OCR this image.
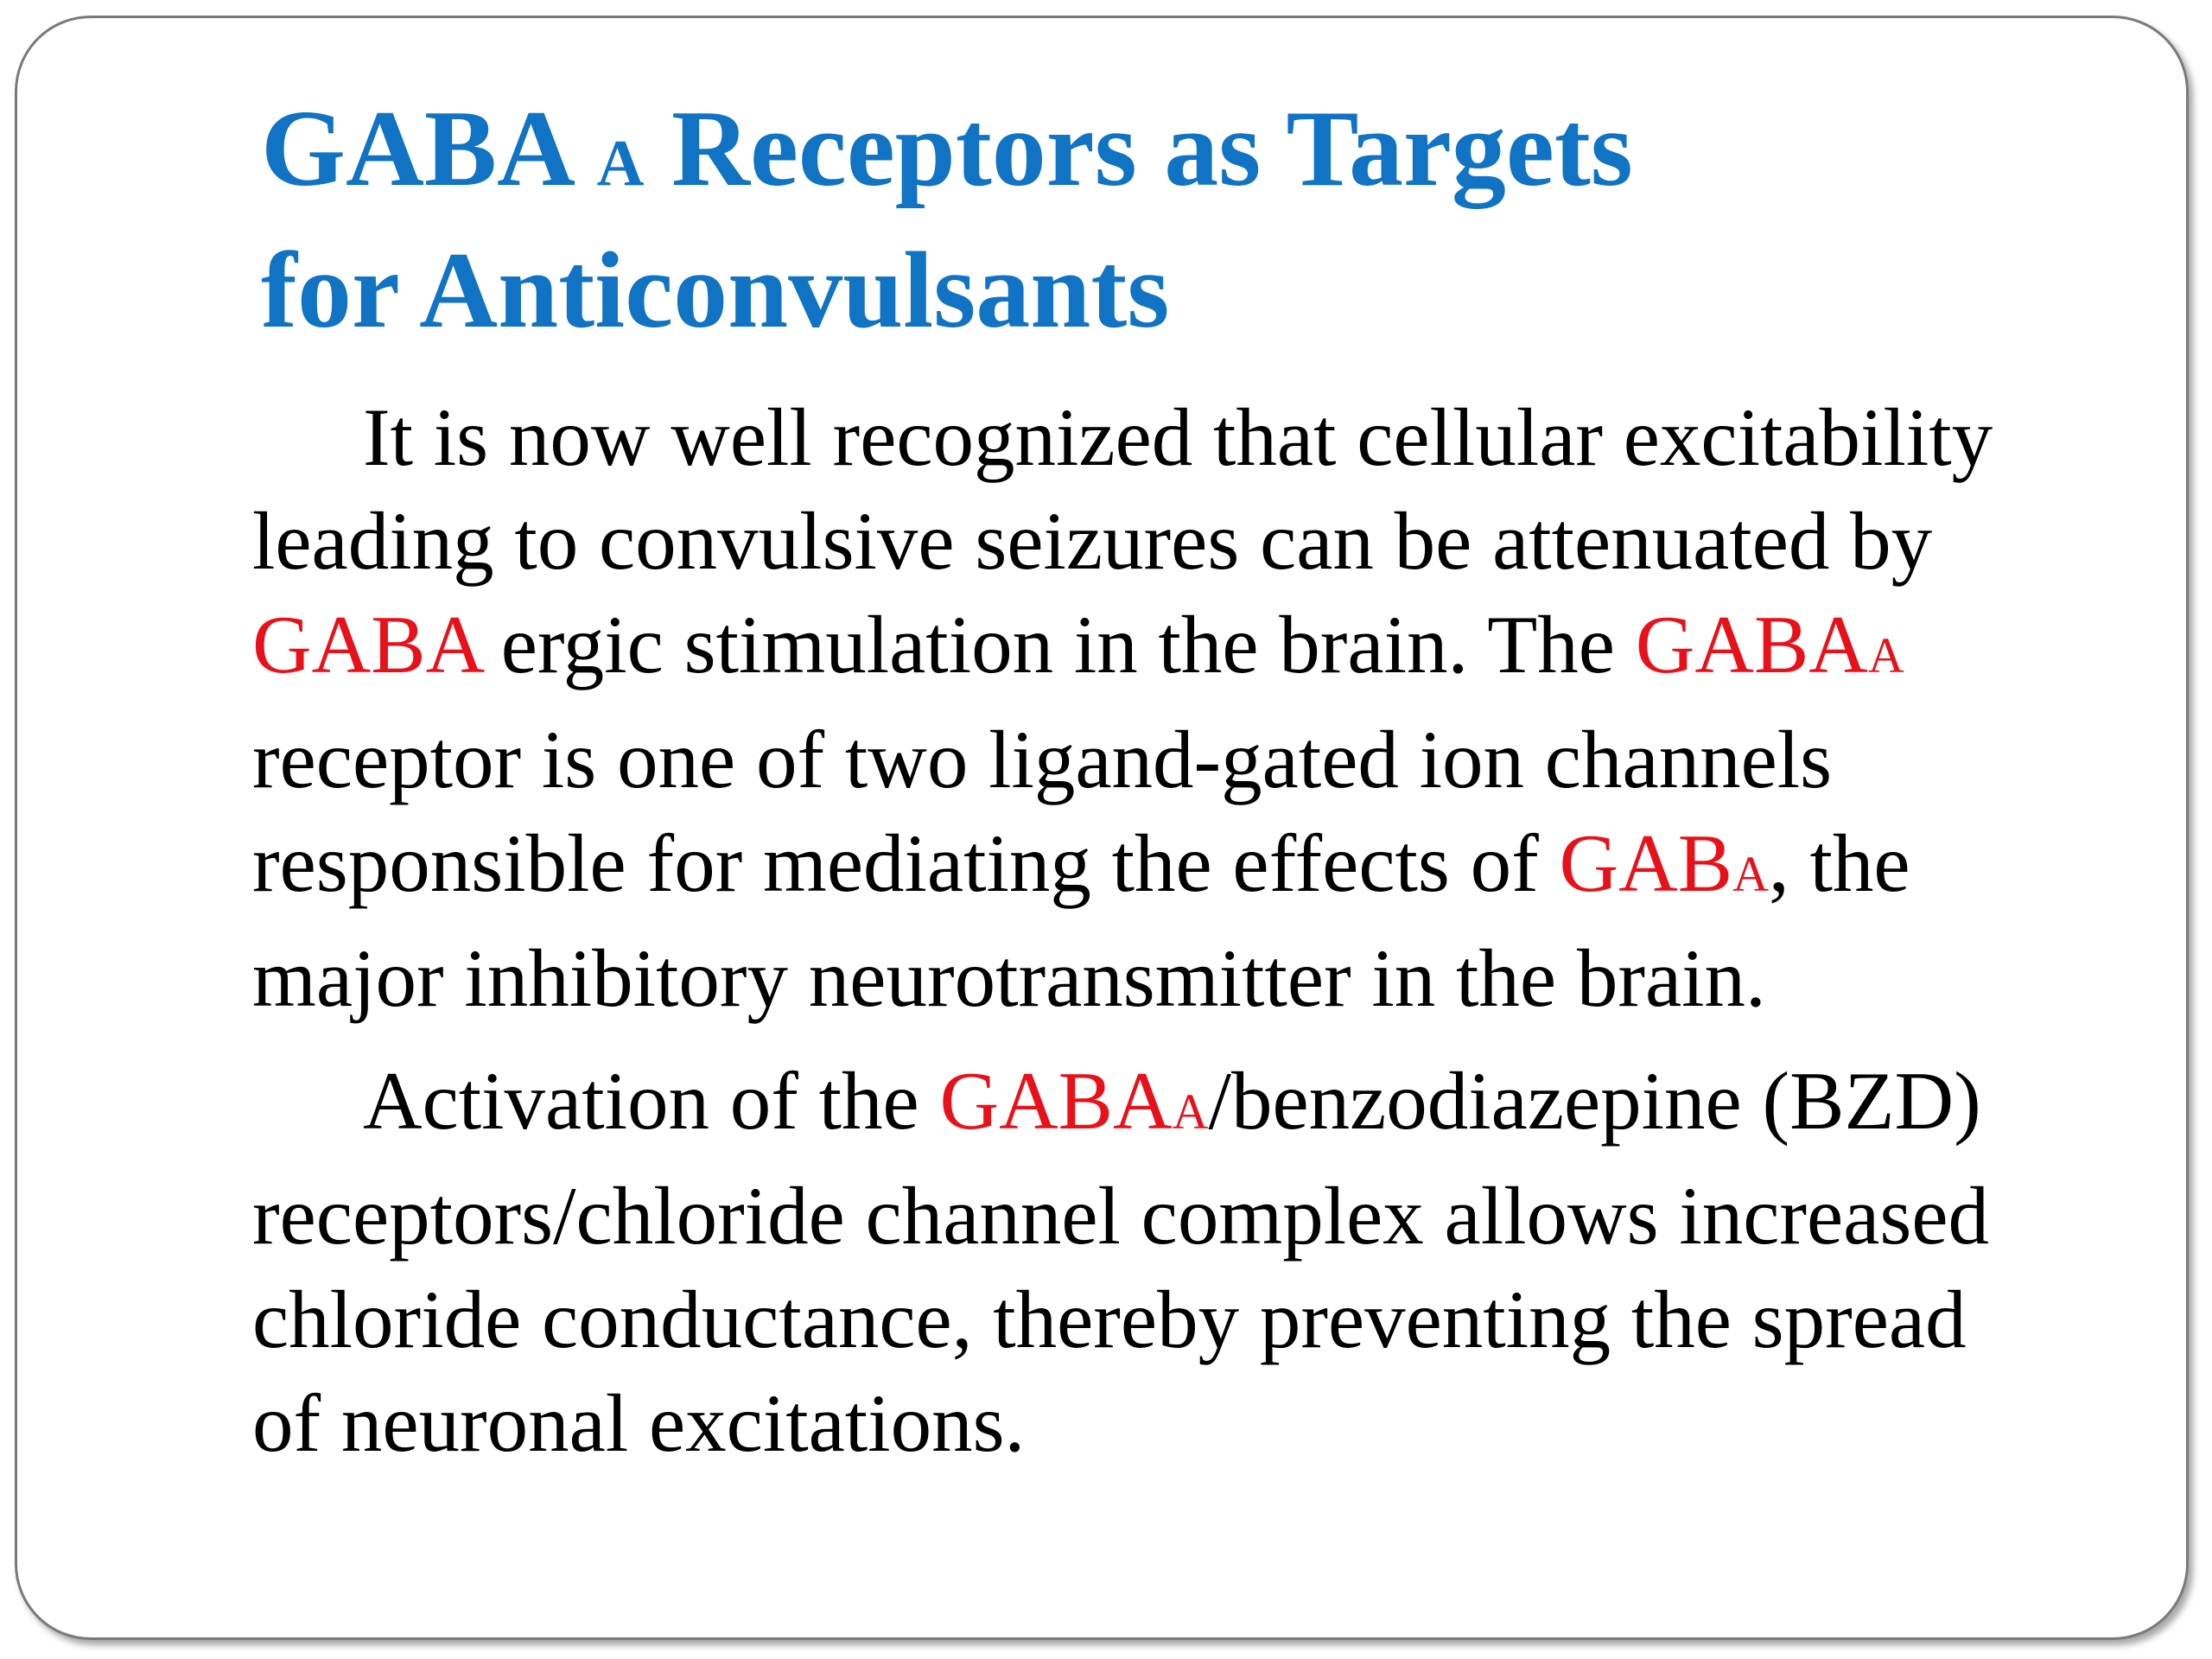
GABA A Receptors as Targets
for Anticonvulsants

It is now well recognized that cellular excitability
leading to convulsive seizures can be attenuated by
GABA ergic stimulation in the brain. The GABAA
receptor is one of two ligand-gated ion channels
responsible for mediating the effects of GABA, the
major inhibitory neurotransmitter in the brain.

Activation of the GABAA/benzodiazepine (BZD)
receptors/chloride channel complex allows increased
chloride conductance, thereby preventing the spread
of neuronal excitations.
